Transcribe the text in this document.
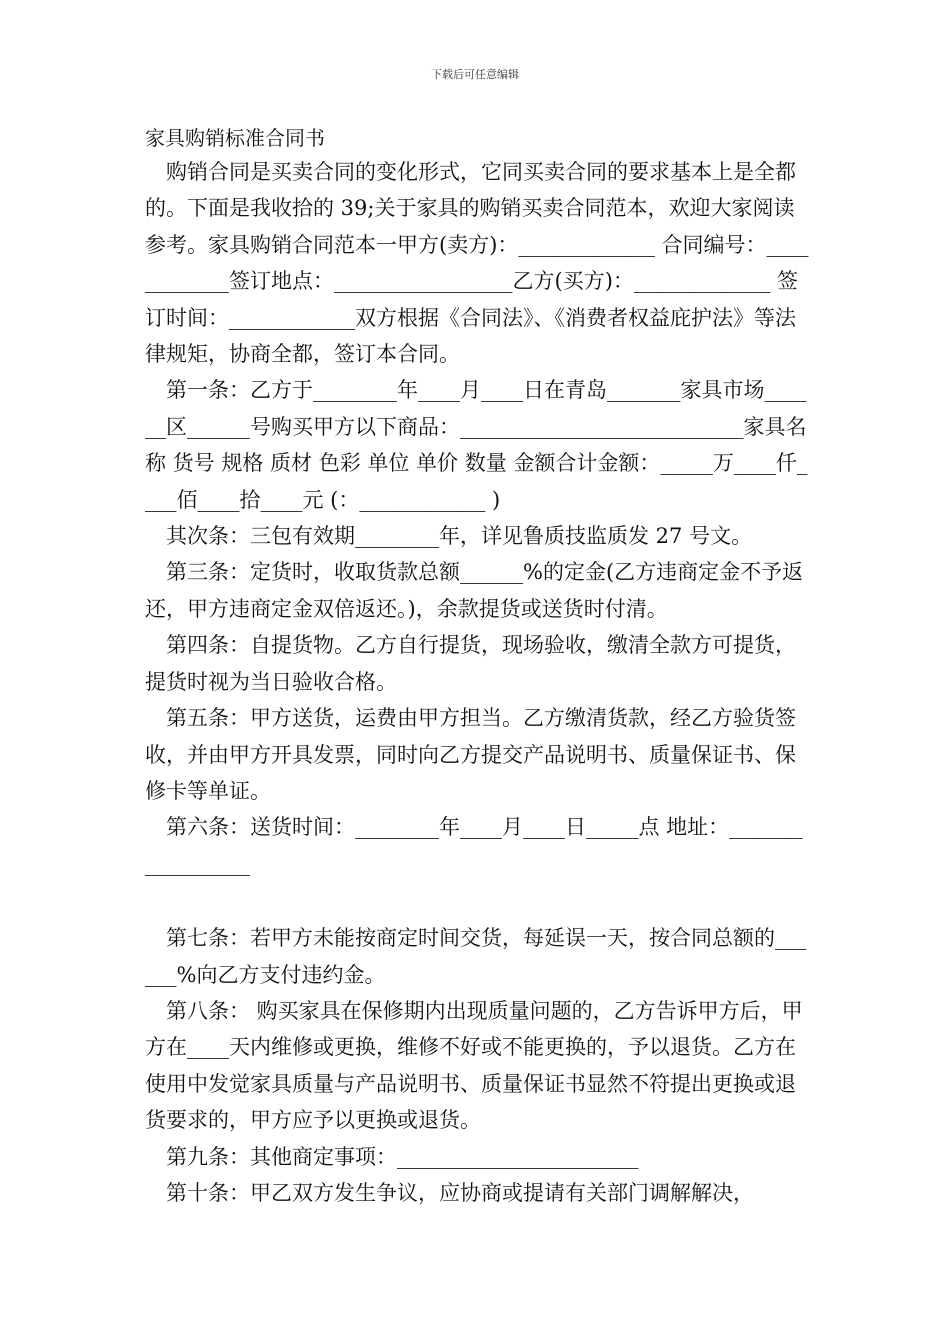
下载后可任意编辑
家具购销标准合同书

购销合同是买卖合同的变化形式，它同买卖合同的要求基本上是全都的。下面是我收拾的 39;关于家具的购销买卖合同范本，欢迎大家阅读参考。家具购销合同范本一甲方(卖方)：_____________ 合同编号：____________签订地点：_________________乙方(买方)：_____________ 签订时间：____________双方根据《合同法》、《消费者权益庇护法》等法律规矩，协商全都，签订本合同。

第一条：乙方于________年____月____日在青岛_______家具市场______区______号购买甲方以下商品：___________________________家具名称 货号 规格 质材 色彩 单位 单价 数量 金额合计金额：_____万____仟____佰____拾____元 (：____________ )

其次条：三包有效期________年，详见鲁质技监质发 27 号文。

第三条：定货时，收取货款总额______%的定金(乙方违商定金不予返还，甲方违商定金双倍返还。)，余款提货或送货时付清。

第四条：自提货物。乙方自行提货，现场验收，缴清全款方可提货，提货时视为当日验收合格。

第五条：甲方送货，运费由甲方担当。乙方缴清货款，经乙方验货签收，并由甲方开具发票，同时向乙方提交产品说明书、质量保证书、保修卡等单证。

第六条：送货时间：________年____月____日_____点 地址：_________________

第七条：若甲方未能按商定时间交货，每延误一天，按合同总额的______%向乙方支付违约金。

第八条： 购买家具在保修期内出现质量问题的，乙方告诉甲方后，甲方在____天内维修或更换，维修不好或不能更换的，予以退货。乙方在使用中发觉家具质量与产品说明书、质量保证书显然不符提出更换或退货要求的，甲方应予以更换或退货。

第九条：其他商定事项：_______________________

第十条：甲乙双方发生争议，应协商或提请有关部门调解解决，
